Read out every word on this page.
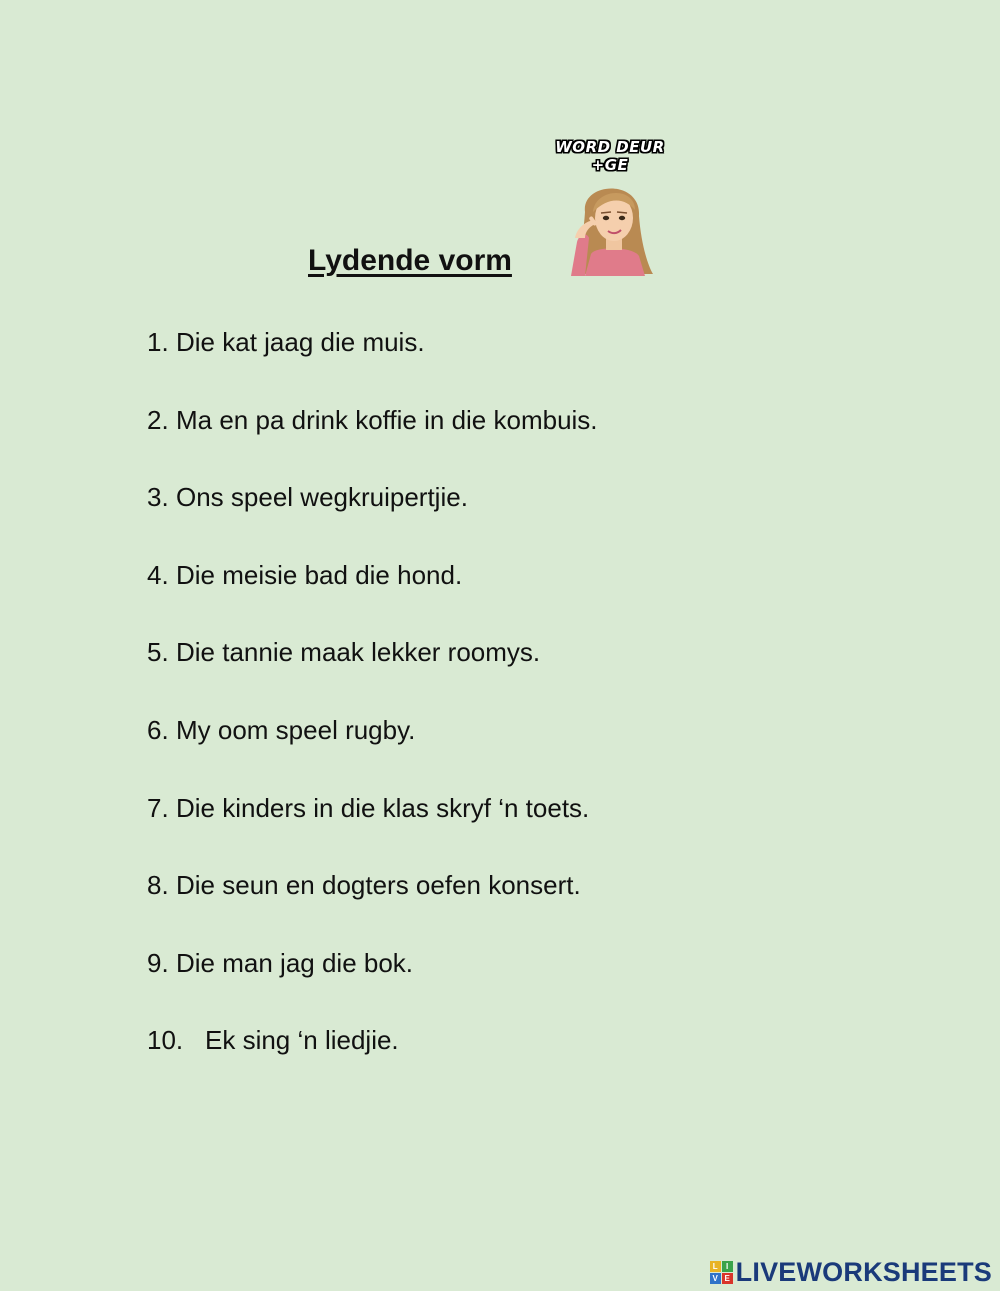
WORD DEUR +GE
Lydende vorm
1. Die kat jaag die muis.
2. Ma en pa drink koffie in die kombuis.
3. Ons speel wegkruipertjie.
4. Die meisie bad die hond.
5. Die tannie maak lekker roomys.
6. My oom speel rugby.
7. Die kinders in die klas skryf ‘n toets.
8. Die seun en dogters oefen konsert.
9. Die man jag die bok.
10. Ek sing ‘n liedjie.
L	I
V E LIVEWORKSHEETS
